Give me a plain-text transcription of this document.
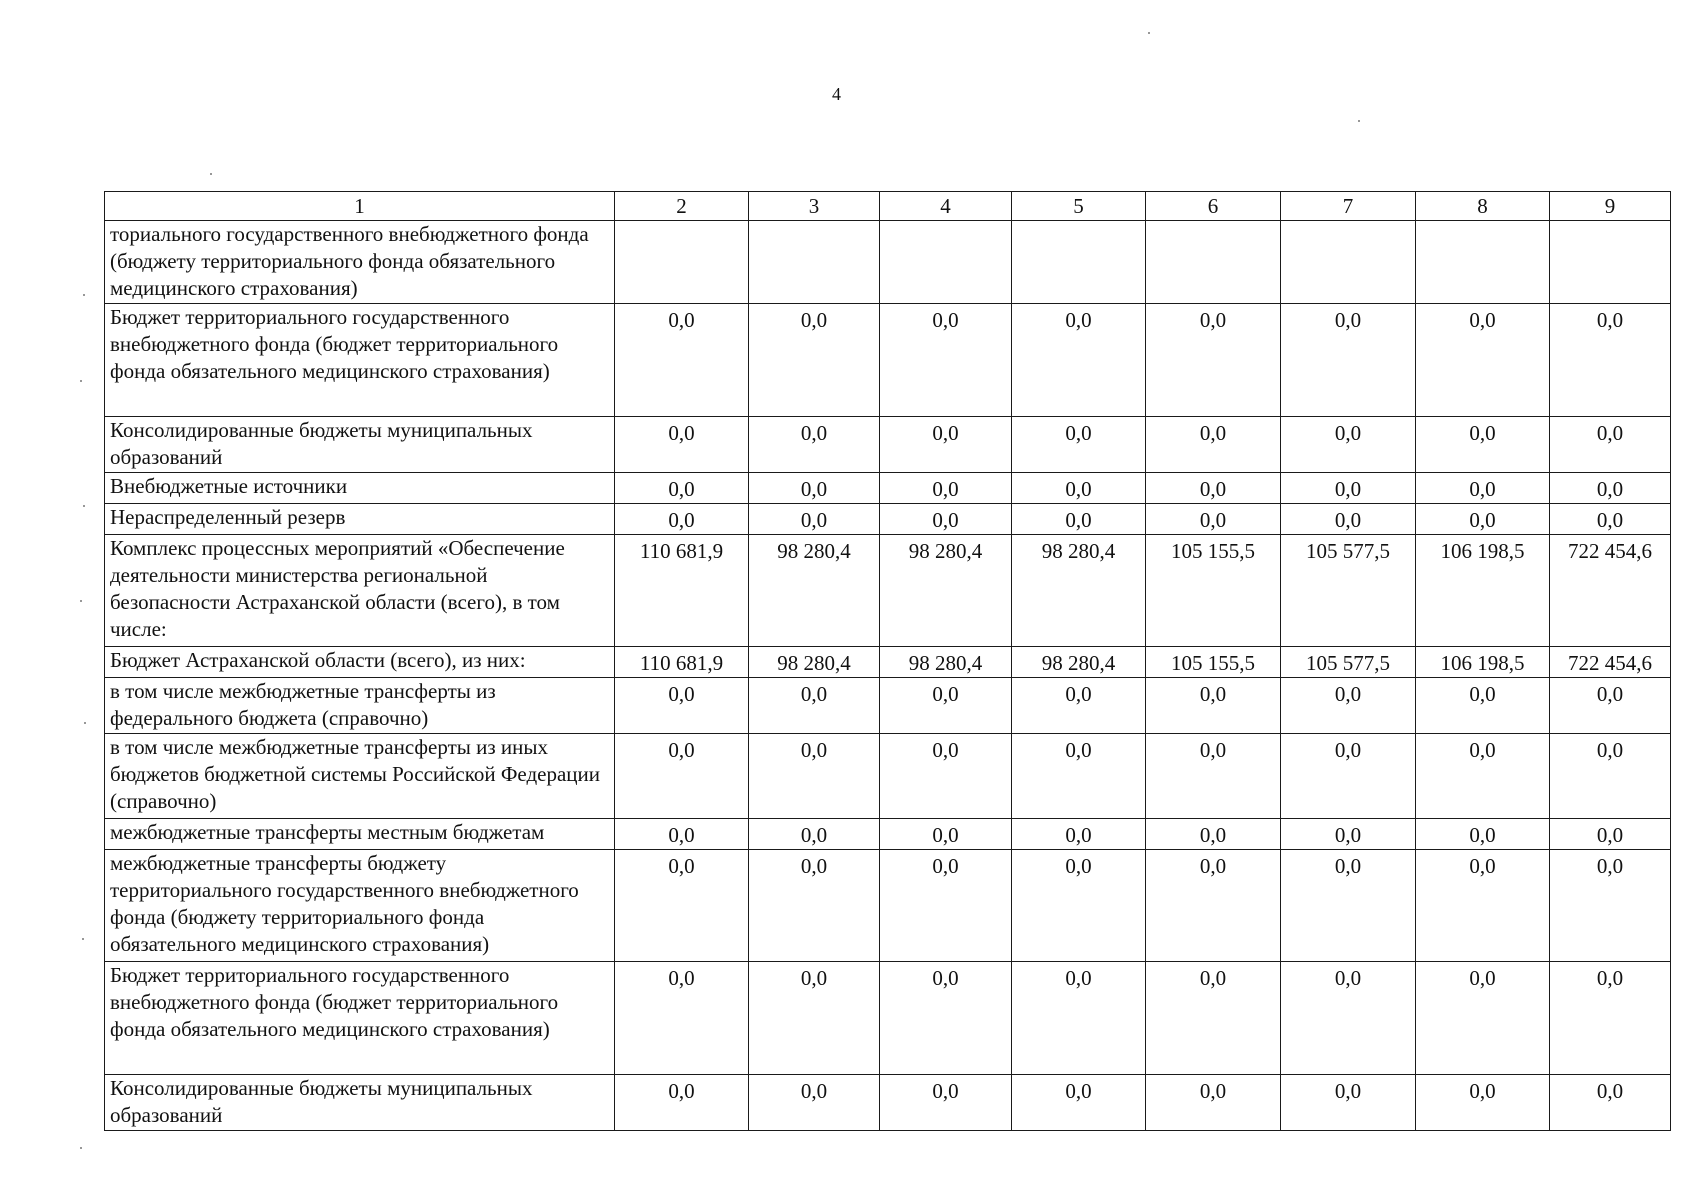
4
1	2	3	4	5	6	7	8	9
ториального государственного внебюджетного фонда (бюджету территориального фонда обязательного медицинского страхования)								
Бюджет территориального государственного внебюджетного фонда (бюджет территориального фонда обязательного медицинского страхования)	0,0	0,0	0,0	0,0	0,0	0,0	0,0	0,0
Консолидированные бюджеты муниципальных образований	0,0	0,0	0,0	0,0	0,0	0,0	0,0	0,0
Внебюджетные источники	0,0	0,0	0,0	0,0	0,0	0,0	0,0	0,0
Нераспределенный резерв	0,0	0,0	0,0	0,0	0,0	0,0	0,0	0,0
Комплекс процессных мероприятий «Обеспечение деятельности министерства региональной безопасности Астраханской области (всего), в том числе:	110 681,9	98 280,4	98 280,4	98 280,4	105 155,5	105 577,5	106 198,5	722 454,6
Бюджет Астраханской области (всего), из них:	110 681,9	98 280,4	98 280,4	98 280,4	105 155,5	105 577,5	106 198,5	722 454,6
в том числе межбюджетные трансферты из федерального бюджета (справочно)	0,0	0,0	0,0	0,0	0,0	0,0	0,0	0,0
в том числе межбюджетные трансферты из иных бюджетов бюджетной системы Российской Федерации (справочно)	0,0	0,0	0,0	0,0	0,0	0,0	0,0	0,0
межбюджетные трансферты местным бюджетам	0,0	0,0	0,0	0,0	0,0	0,0	0,0	0,0
межбюджетные трансферты бюджету территориального государственного внебюджетного фонда (бюджету территориального фонда обязательного медицинского страхования)	0,0	0,0	0,0	0,0	0,0	0,0	0,0	0,0
Бюджет территориального государственного внебюджетного фонда (бюджет территориального фонда обязательного медицинского страхования)	0,0	0,0	0,0	0,0	0,0	0,0	0,0	0,0
Консолидированные бюджеты муниципальных образований	0,0	0,0	0,0	0,0	0,0	0,0	0,0	0,0
